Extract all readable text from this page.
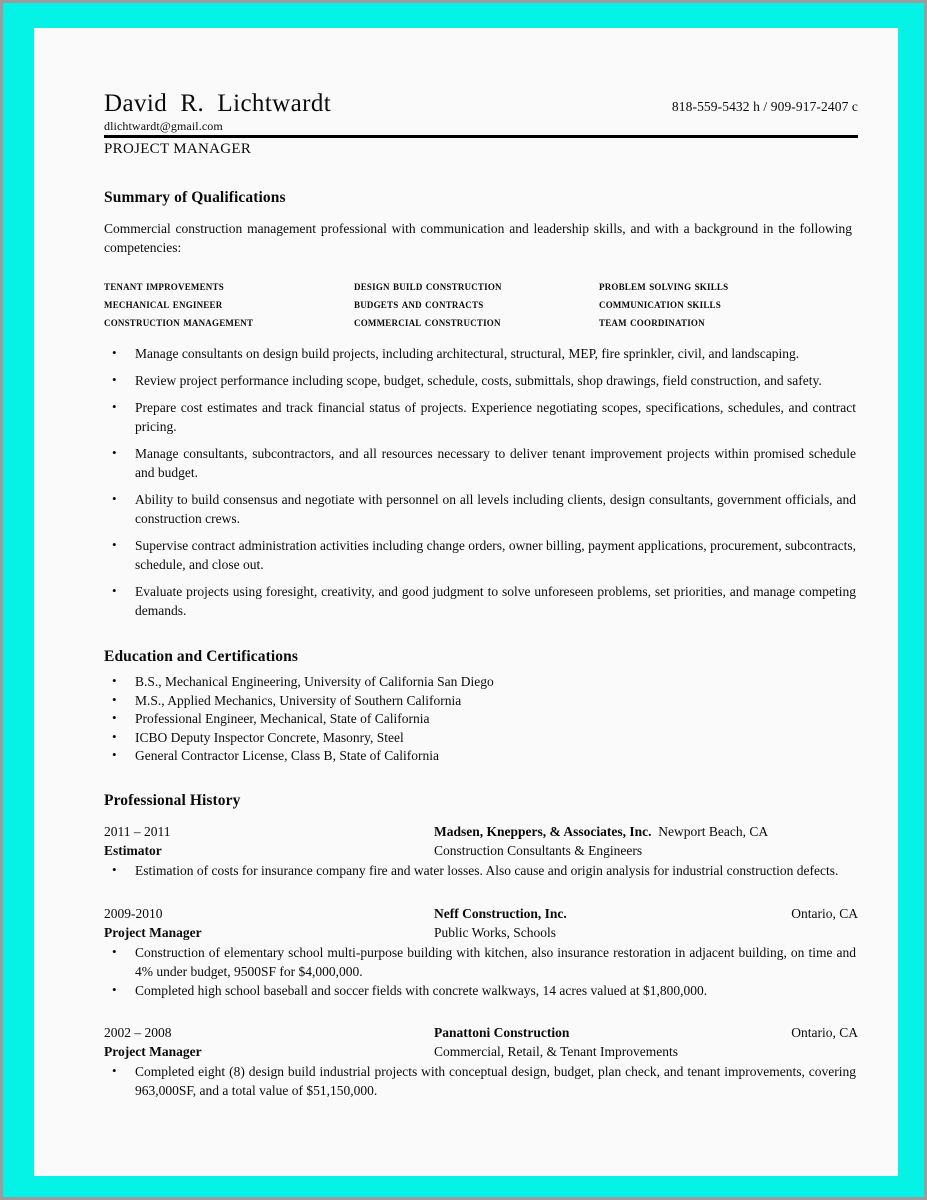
David  R.  Lichtwardt	818-559-5432 h / 909-917-2407 c
dlichtwardt@gmail.com
PROJECT MANAGER
Summary of Qualifications
Commercial construction management professional with communication and leadership skills, and with a background in the following competencies:
tenant improvements	design build construction	problem solving skills
mechanical engineer	budgets and contracts	communication skills
construction management	commercial construction	team coordination
• Manage consultants on design build projects, including architectural, structural, MEP, fire sprinkler, civil, and landscaping.
• Review project performance including scope, budget, schedule, costs, submittals, shop drawings, field construction, and safety.
• Prepare cost estimates and track financial status of projects. Experience negotiating scopes, specifications, schedules, and contract pricing.
• Manage consultants, subcontractors, and all resources necessary to deliver tenant improvement projects within promised schedule and budget.
• Ability to build consensus and negotiate with personnel on all levels including clients, design consultants, government officials, and construction crews.
• Supervise contract administration activities including change orders, owner billing, payment applications, procurement, subcontracts, schedule, and close out.
• Evaluate projects using foresight, creativity, and good judgment to solve unforeseen problems, set priorities, and manage competing demands.
Education and Certifications
• B.S., Mechanical Engineering, University of California San Diego
• M.S., Applied Mechanics, University of Southern California
• Professional Engineer, Mechanical, State of California
• ICBO Deputy Inspector Concrete, Masonry, Steel
• General Contractor License, Class B, State of California
Professional History
2011 – 2011	Madsen, Kneppers, & Associates, Inc. Newport Beach, CA
Estimator	Construction Consultants & Engineers
• Estimation of costs for insurance company fire and water losses. Also cause and origin analysis for industrial construction defects.
2009-2010	Neff Construction, Inc.	Ontario, CA
Project Manager	Public Works, Schools
• Construction of elementary school multi-purpose building with kitchen, also insurance restoration in adjacent building, on time and 4% under budget, 9500SF for $4,000,000.
• Completed high school baseball and soccer fields with concrete walkways, 14 acres valued at $1,800,000.
2002 – 2008	Panattoni Construction	Ontario, CA
Project Manager	Commercial, Retail, & Tenant Improvements
• Completed eight (8) design build industrial projects with conceptual design, budget, plan check, and tenant improvements, covering 963,000SF, and a total value of $51,150,000.
